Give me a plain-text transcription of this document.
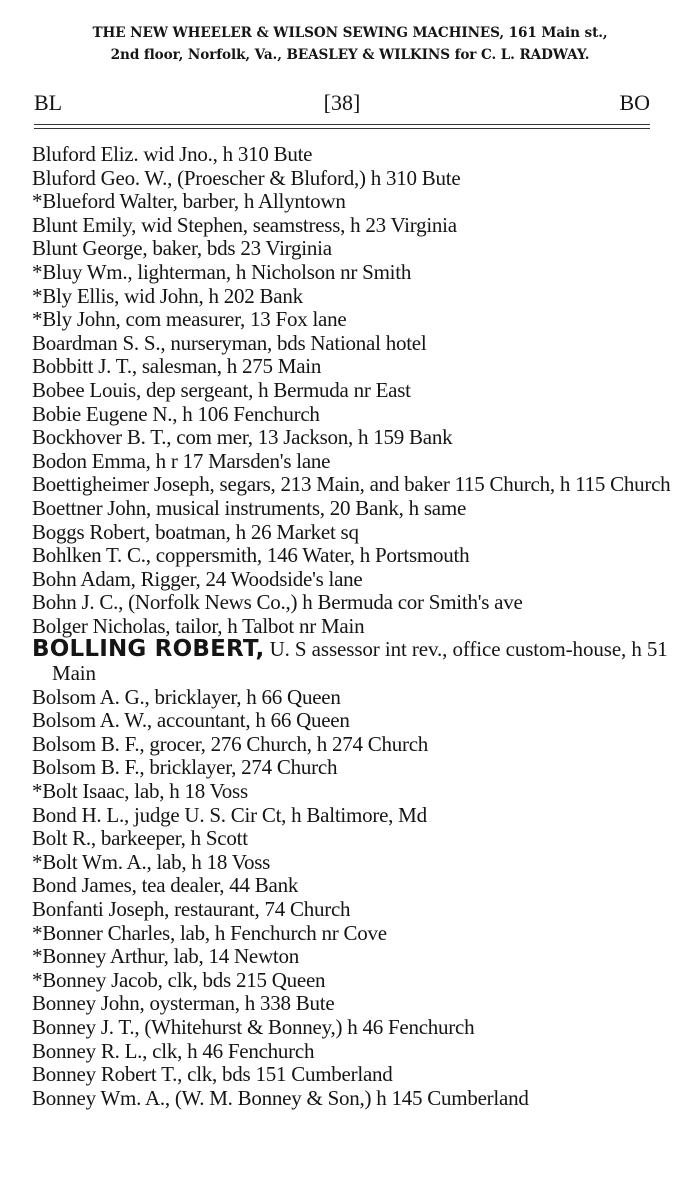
THE NEW WHEELER & WILSON SEWING MACHINES, 161 Main st.,
2nd floor, Norfolk, Va., BEASLEY & WILKINS for C. L. RADWAY.
BL	[38]	BO
Bluford Eliz. wid Jno., h 310 Bute
Bluford Geo. W., (Proescher & Bluford,) h 310 Bute
*Blueford Walter, barber, h Allyntown
Blunt Emily, wid Stephen, seamstress, h 23 Virginia
Blunt George, baker, bds 23 Virginia
*Bluy Wm., lighterman, h Nicholson nr Smith
*Bly Ellis, wid John, h 202 Bank
*Bly John, com measurer, 13 Fox lane
Boardman S. S., nurseryman, bds National hotel
Bobbitt J. T., salesman, h 275 Main
Bobee Louis, dep sergeant, h Bermuda nr East
Bobie Eugene N., h 106 Fenchurch
Bockhover B. T., com mer, 13 Jackson, h 159 Bank
Bodon Emma, h r 17 Marsden's lane
Boettigheimer Joseph, segars, 213 Main, and baker 115 Church, h 115 Church
Boettner John, musical instruments, 20 Bank, h same
Boggs Robert, boatman, h 26 Market sq
Bohlken T. C., coppersmith, 146 Water, h Portsmouth
Bohn Adam, Rigger, 24 Woodside's lane
Bohn J. C., (Norfolk News Co.,) h Bermuda cor Smith's ave
Bolger Nicholas, tailor, h Talbot nr Main
BOLLING ROBERT, U. S assessor int rev., office custom-house, h 51 Main
Bolsom A. G., bricklayer, h 66 Queen
Bolsom A. W., accountant, h 66 Queen
Bolsom B. F., grocer, 276 Church, h 274 Church
Bolsom B. F., bricklayer, 274 Church
*Bolt Isaac, lab, h 18 Voss
Bond H. L., judge U. S. Cir Ct, h Baltimore, Md
Bolt R., barkeeper, h Scott
*Bolt Wm. A., lab, h 18 Voss
Bond James, tea dealer, 44 Bank
Bonfanti Joseph, restaurant, 74 Church
*Bonner Charles, lab, h Fenchurch nr Cove
*Bonney Arthur, lab, 14 Newton
*Bonney Jacob, clk, bds 215 Queen
Bonney John, oysterman, h 338 Bute
Bonney J. T., (Whitehurst & Bonney,) h 46 Fenchurch
Bonney R. L., clk, h 46 Fenchurch
Bonney Robert T., clk, bds 151 Cumberland
Bonney Wm. A., (W. M. Bonney & Son,) h 145 Cumberland
